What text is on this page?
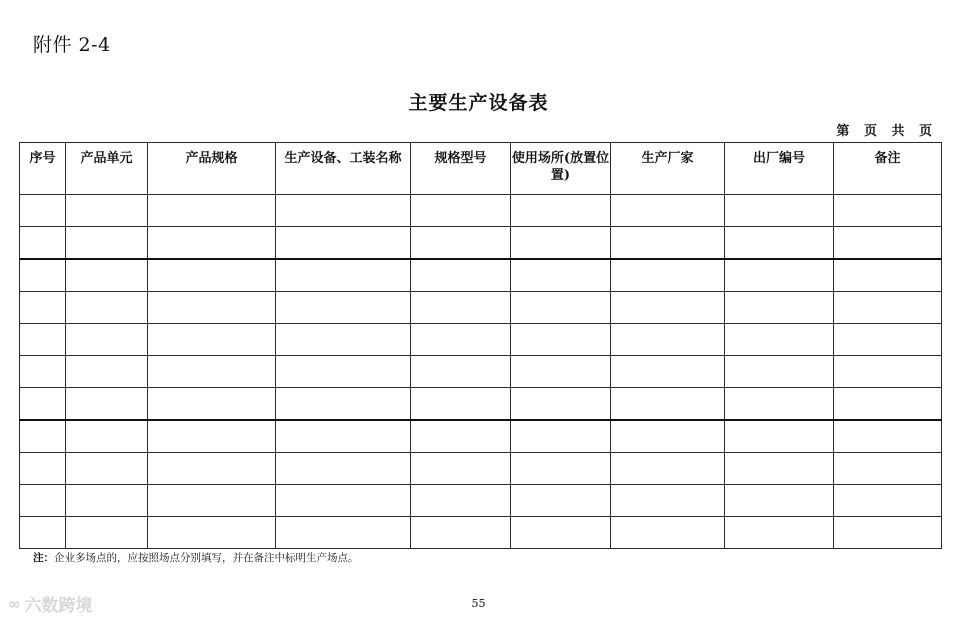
附件 2-4
主要生产设备表
第 页 共 页
序号	产品单元	产品规格	生产设备、工装名称	规格型号	使用场所(放置位置)	生产厂家	出厂编号	备注

注：企业多场点的，应按照场点分别填写，并在备注中标明生产场点。
∞ 六数跨境	55
